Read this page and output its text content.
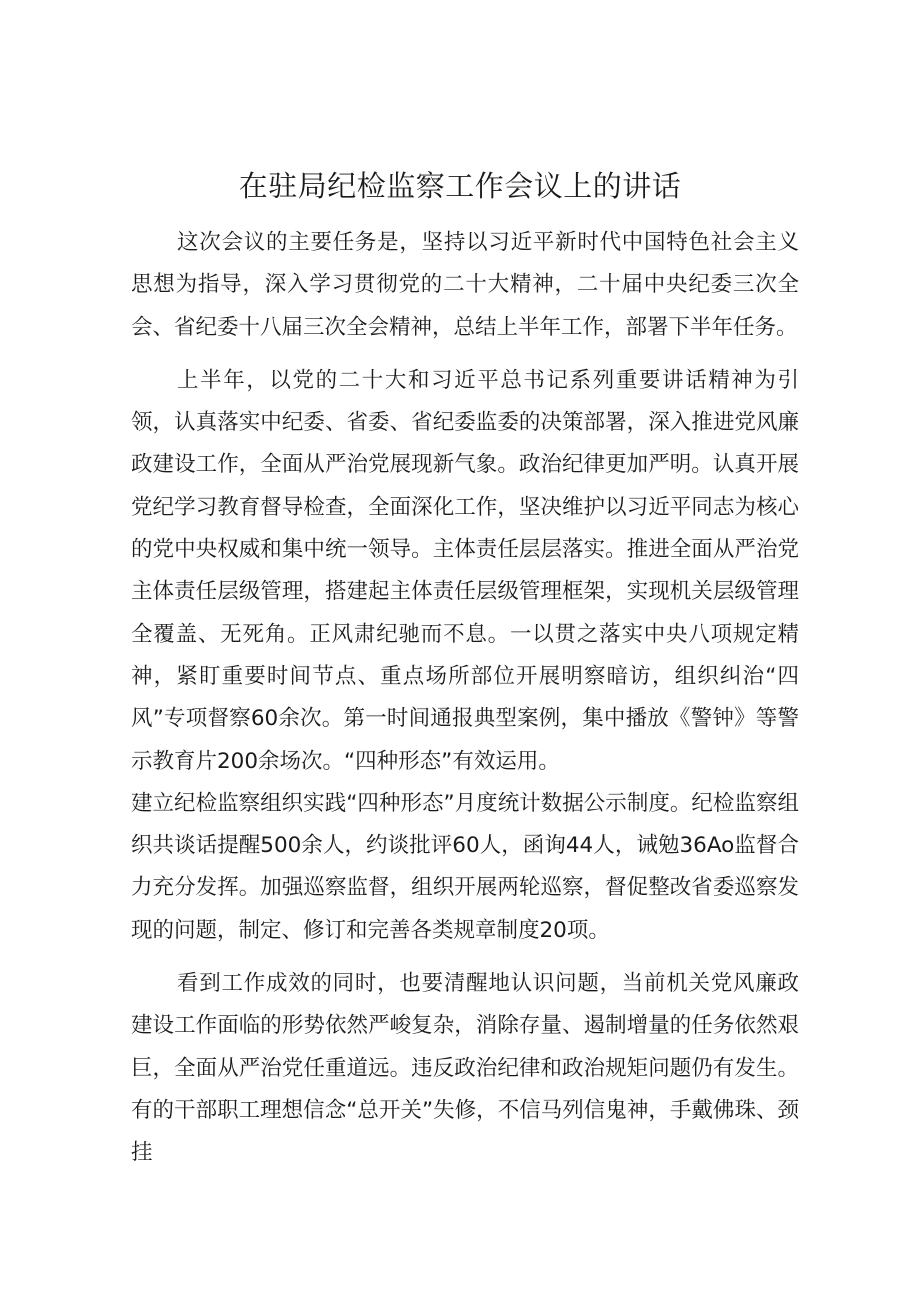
在驻局纪检监察工作会议上的讲话

这次会议的主要任务是，坚持以习近平新时代中国特色社会主义思想为指导，深入学习贯彻党的二十大精神，二十届中央纪委三次全会、省纪委十八届三次全会精神，总结上半年工作，部署下半年任务。

上半年，以党的二十大和习近平总书记系列重要讲话精神为引领，认真落实中纪委、省委、省纪委监委的决策部署，深入推进党风廉政建设工作，全面从严治党展现新气象。政治纪律更加严明。认真开展党纪学习教育督导检查，全面深化工作，坚决维护以习近平同志为核心的党中央权威和集中统一领导。主体责任层层落实。推进全面从严治党主体责任层级管理，搭建起主体责任层级管理框架，实现机关层级管理全覆盖、无死角。正风肃纪驰而不息。一以贯之落实中央八项规定精神，紧盯重要时间节点、重点场所部位开展明察暗访，组织纠治“四风”专项督察60余次。第一时间通报典型案例，集中播放《警钟》等警示教育片200余场次。“四种形态”有效运用。

建立纪检监察组织实践“四种形态”月度统计数据公示制度。纪检监察组织共谈话提醒500余人，约谈批评60人，函询44人，诫勉36Ao监督合力充分发挥。加强巡察监督，组织开展两轮巡察，督促整改省委巡察发现的问题，制定、修订和完善各类规章制度20项。

看到工作成效的同时，也要清醒地认识问题，当前机关党风廉政建设工作面临的形势依然严峻复杂，消除存量、遏制增量的任务依然艰巨，全面从严治党任重道远。违反政治纪律和政治规矩问题仍有发生。有的干部职工理想信念“总开关”失修，不信马列信鬼神，手戴佛珠、颈挂
